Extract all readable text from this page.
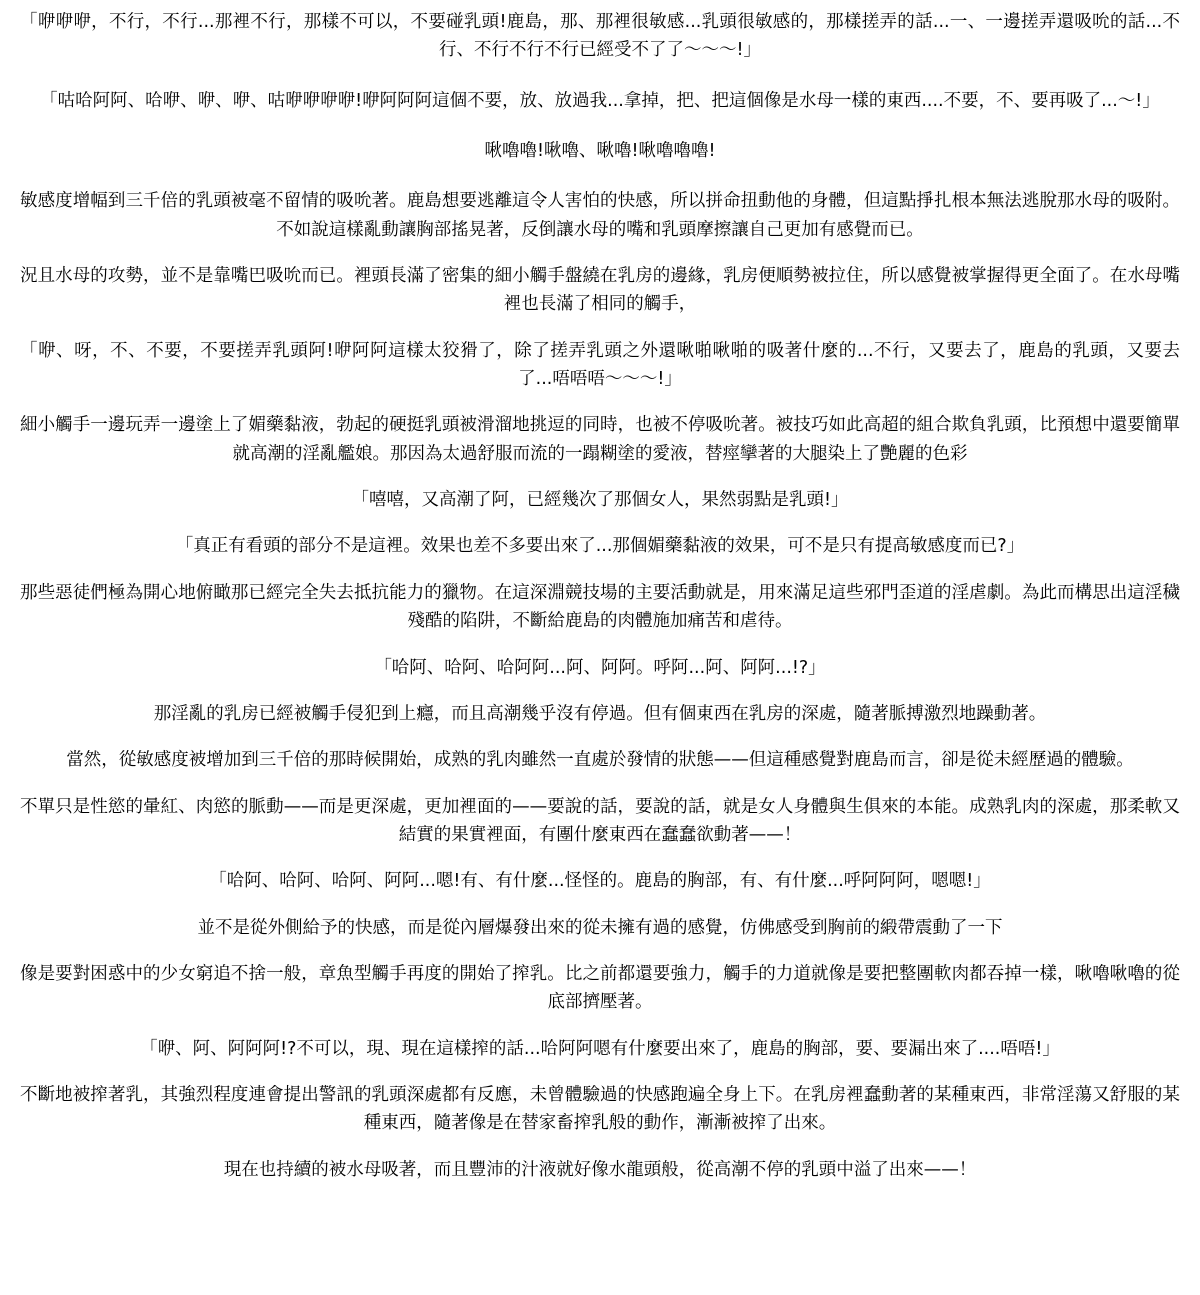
「咿咿咿，不行，不行...那裡不行，那樣不可以，不要碰乳頭!鹿島，那、那裡很敏感...乳頭很敏感的，那樣搓弄的話...一、一邊搓弄還吸吮的話...不行、不行不行不行已經受不了了～～～!」

「咕哈阿阿、哈咿、咿、咿、咕咿咿咿咿!咿阿阿阿這個不要，放、放過我...拿掉，把、把這個像是水母一樣的東西....不要，不、要再吸了...～!」

啾嚕嚕!啾嚕、啾嚕!啾嚕嚕嚕!

敏感度增幅到三千倍的乳頭被毫不留情的吸吮著。鹿島想要逃離這令人害怕的快感，所以拼命扭動他的身體，但這點掙扎根本無法逃脫那水母的吸附。不如說這樣亂動讓胸部搖晃著，反倒讓水母的嘴和乳頭摩擦讓自己更加有感覺而已。

況且水母的攻勢，並不是靠嘴巴吸吮而已。裡頭長滿了密集的細小觸手盤繞在乳房的邊緣，乳房便順勢被拉住，所以感覺被掌握得更全面了。在水母嘴裡也長滿了相同的觸手，

「咿、呀，不、不要，不要搓弄乳頭阿!咿阿阿這樣太狡猾了，除了搓弄乳頭之外還啾啪啾啪的吸著什麼的...不行，又要去了，鹿島的乳頭，又要去了...唔唔唔～～～!」

細小觸手一邊玩弄一邊塗上了媚藥黏液，勃起的硬挺乳頭被滑溜地挑逗的同時，也被不停吸吮著。被技巧如此高超的組合欺負乳頭，比預想中還要簡單就高潮的淫亂艦娘。那因為太過舒服而流的一蹋糊塗的愛液，替痙攣著的大腿染上了艷麗的色彩

「嘻嘻，又高潮了阿，已經幾次了那個女人，果然弱點是乳頭!」

「真正有看頭的部分不是這裡。效果也差不多要出來了...那個媚藥黏液的效果，可不是只有提高敏感度而已?」

那些惡徒們極為開心地俯瞰那已經完全失去抵抗能力的獵物。在這深淵競技場的主要活動就是，用來滿足這些邪門歪道的淫虐劇。為此而構思出這淫穢殘酷的陷阱，不斷給鹿島的肉體施加痛苦和虐待。

「哈阿、哈阿、哈阿阿...阿、阿阿。呼阿...阿、阿阿...!?」

那淫亂的乳房已經被觸手侵犯到上癮，而且高潮幾乎沒有停過。但有個東西在乳房的深處，隨著脈搏激烈地躁動著。

當然，從敏感度被增加到三千倍的那時候開始，成熟的乳肉雖然一直處於發情的狀態——但這種感覺對鹿島而言，卻是從未經歷過的體驗。

不單只是性慾的暈紅、肉慾的脈動——而是更深處，更加裡面的——要說的話，要說的話，就是女人身體與生俱來的本能。成熟乳肉的深處，那柔軟又結實的果實裡面，有團什麼東西在蠢蠢欲動著——！

「哈阿、哈阿、哈阿、阿阿...嗯!有、有什麼...怪怪的。鹿島的胸部，有、有什麼...呼阿阿阿，嗯嗯!」

並不是從外側給予的快感，而是從內層爆發出來的從未擁有過的感覺，仿佛感受到胸前的緞帶震動了一下

像是要對困惑中的少女窮追不捨一般，章魚型觸手再度的開始了搾乳。比之前都還要強力，觸手的力道就像是要把整團軟肉都吞掉一樣，啾嚕啾嚕的從底部擠壓著。

「咿、阿、阿阿阿!?不可以，現、現在這樣搾的話...哈阿阿嗯有什麼要出來了，鹿島的胸部，要、要漏出來了....唔唔!」

不斷地被搾著乳，其強烈程度連會提出警訊的乳頭深處都有反應，未曾體驗過的快感跑遍全身上下。在乳房裡蠢動著的某種東西，非常淫蕩又舒服的某種東西，隨著像是在替家畜搾乳般的動作，漸漸被搾了出來。

現在也持續的被水母吸著，而且豐沛的汁液就好像水龍頭般，從高潮不停的乳頭中溢了出來——！
